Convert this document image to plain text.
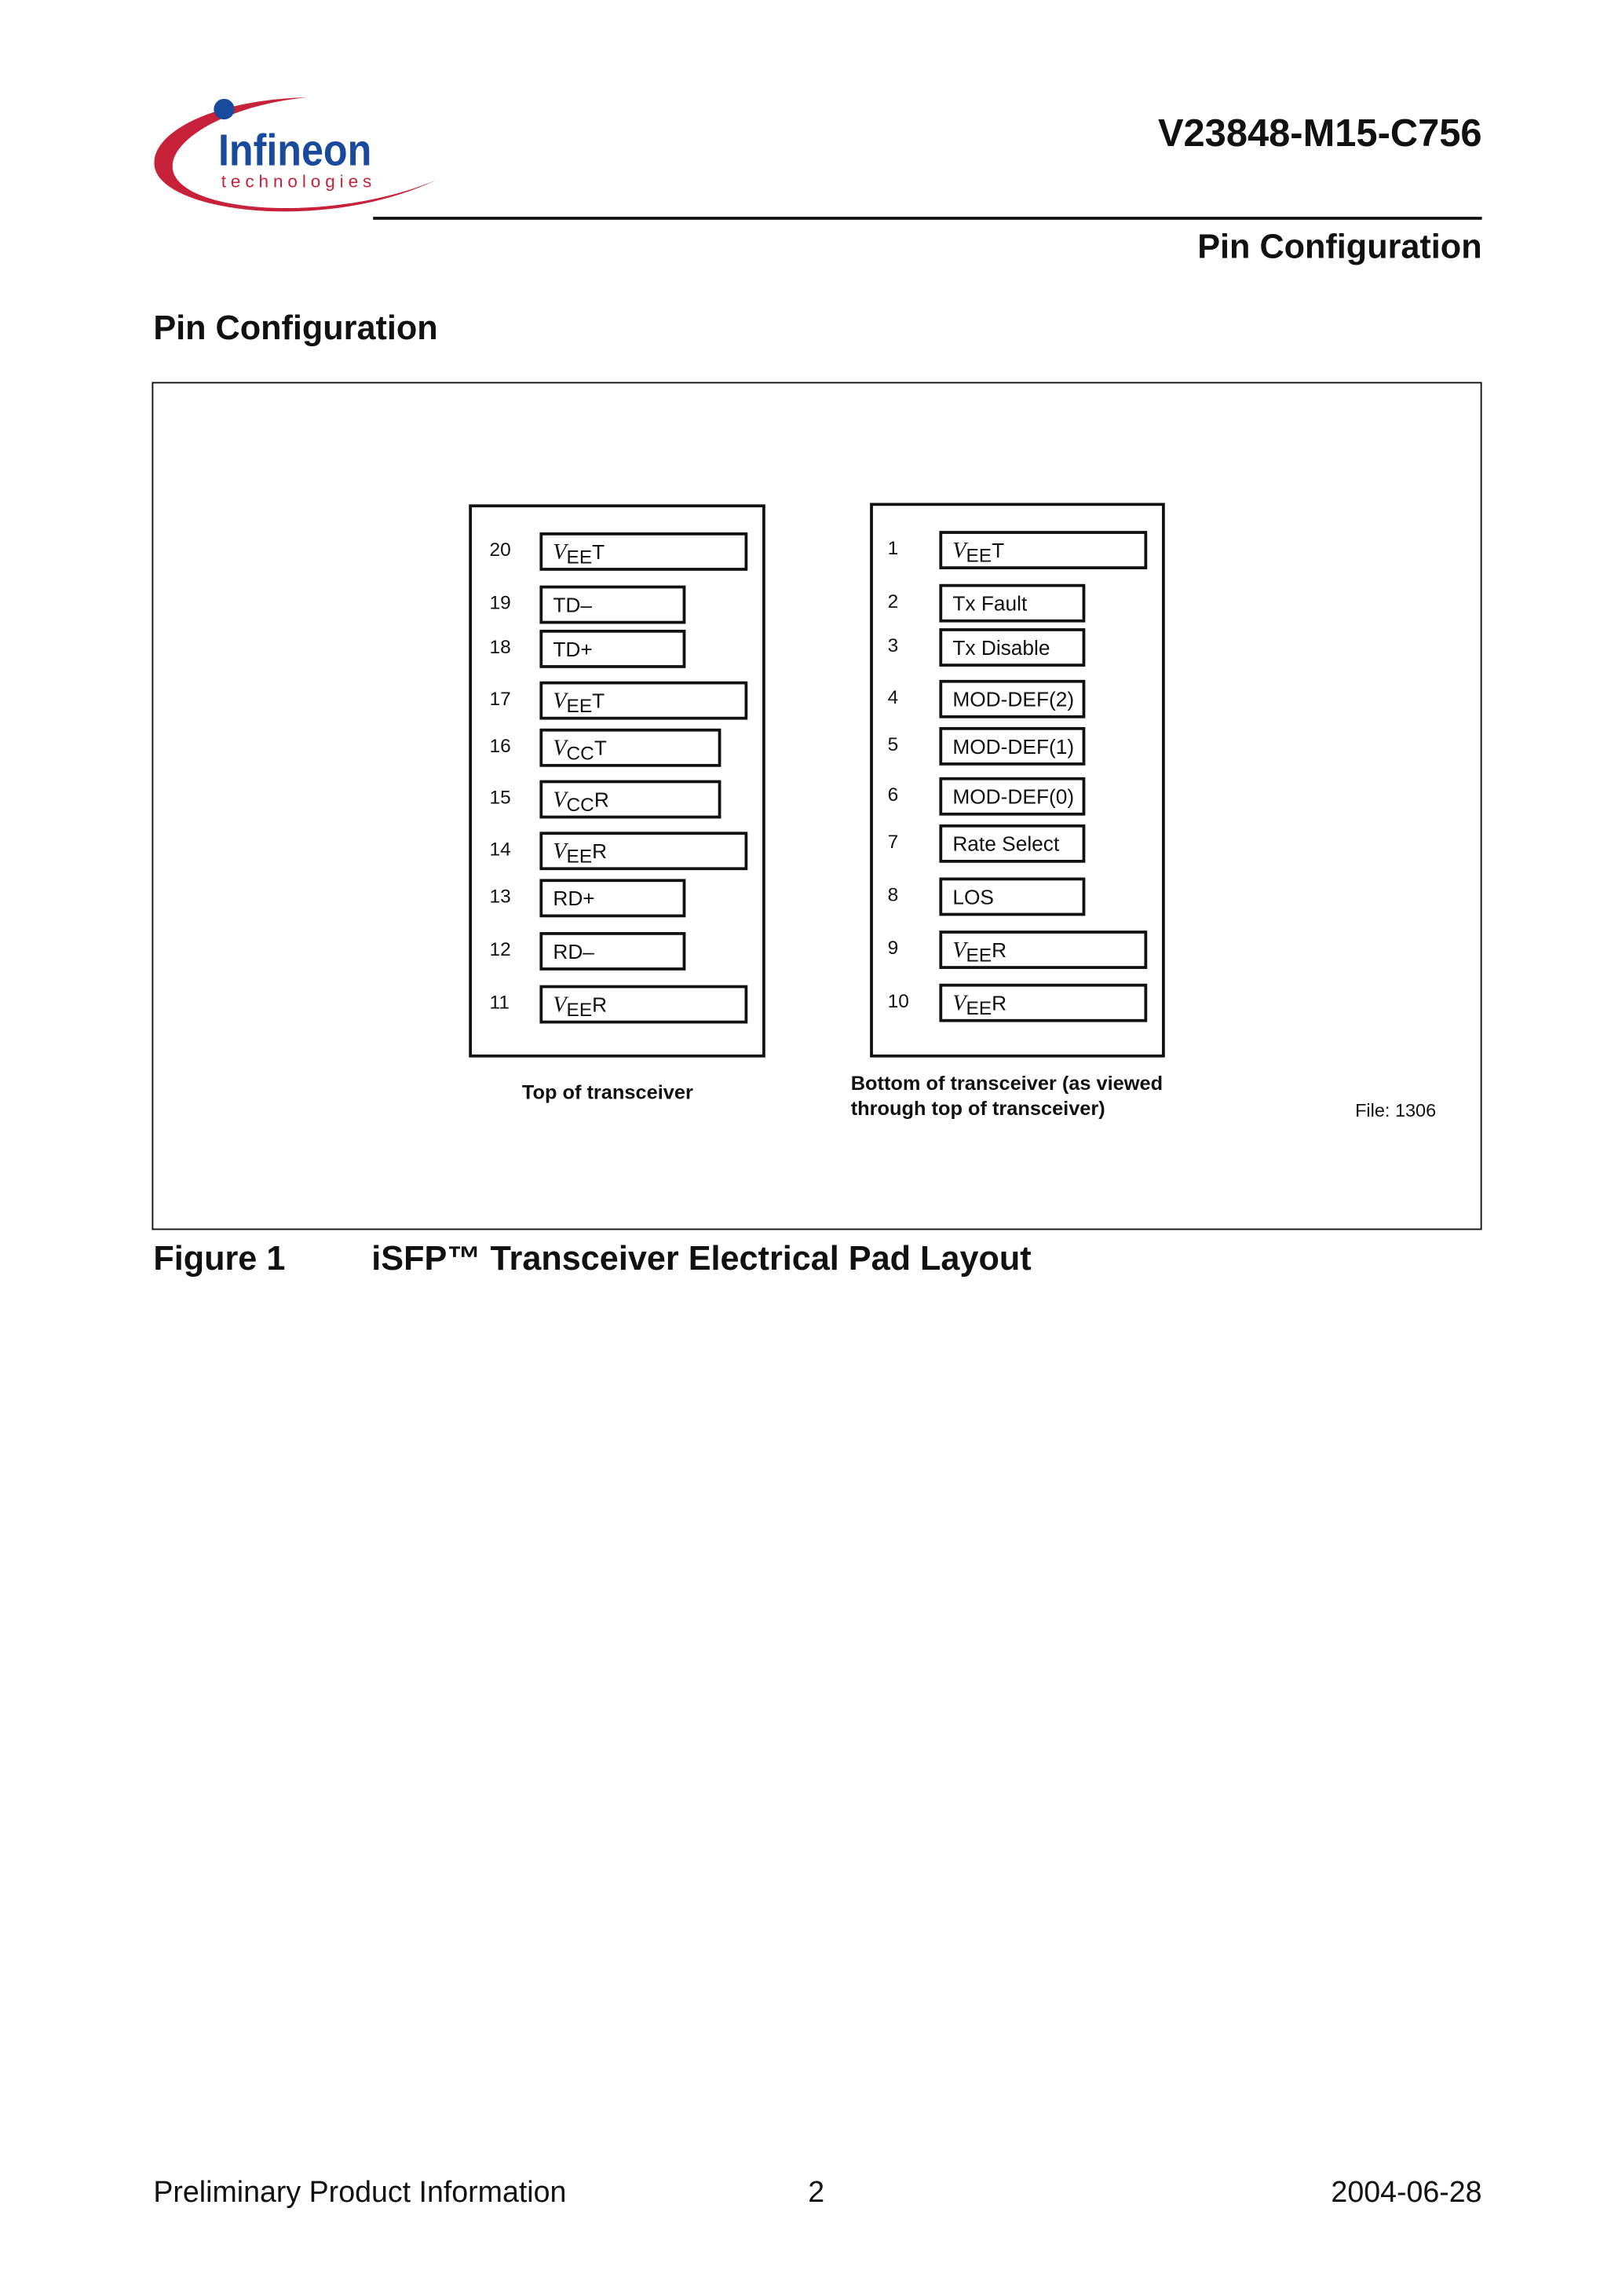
Infineon
technologies
V23848-M15-C756
Pin Configuration
Pin Configuration
20	VEET
19	TD–
18	TD+
17	VEET
16	VCCT
15	VCCR
14	VEER
13	RD+
12	RD–
11	VEER
1	VEET
2	Tx Fault
3	Tx Disable
4	MOD-DEF(2)
5	MOD-DEF(1)
6	MOD-DEF(0)
7	Rate Select
8	LOS
9	VEER
10	VEER
Top of transceiver	Bottom of transceiver (as viewed
through top of transceiver)	File: 1306
Figure 1	iSFP™ Transceiver Electrical Pad Layout
Preliminary Product Information	2	2004-06-28
